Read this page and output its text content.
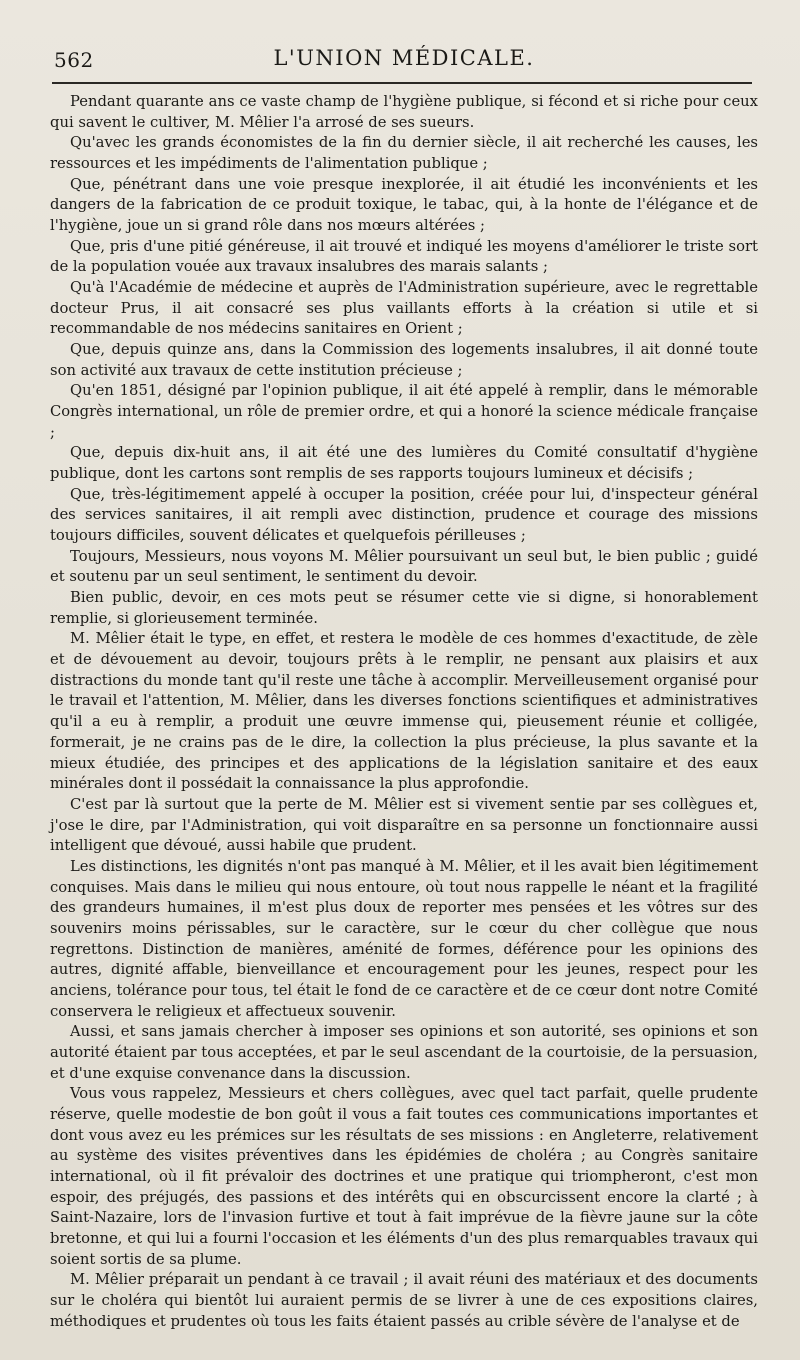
562	L'UNION MÉDICALE.

Pendant quarante ans ce vaste champ de l'hygiène publique, si fécond et si riche pour ceux qui savent le cultiver, M. Mêlier l'a arrosé de ses sueurs.

Qu'avec les grands économistes de la fin du dernier siècle, il ait recherché les causes, les ressources et les impédiments de l'alimentation publique ;

Que, pénétrant dans une voie presque inexplorée, il ait étudié les inconvénients et les dangers de la fabrication de ce produit toxique, le tabac, qui, à la honte de l'élégance et de l'hygiène, joue un si grand rôle dans nos mœurs altérées ;

Que, pris d'une pitié généreuse, il ait trouvé et indiqué les moyens d'améliorer le triste sort de la population vouée aux travaux insalubres des marais salants ;

Qu'à l'Académie de médecine et auprès de l'Administration supérieure, avec le regrettable docteur Prus, il ait consacré ses plus vaillants efforts à la création si utile et si recommandable de nos médecins sanitaires en Orient ;

Que, depuis quinze ans, dans la Commission des logements insalubres, il ait donné toute son activité aux travaux de cette institution précieuse ;

Qu'en 1851, désigné par l'opinion publique, il ait été appelé à remplir, dans le mémorable Congrès international, un rôle de premier ordre, et qui a honoré la science médicale française ;

Que, depuis dix-huit ans, il ait été une des lumières du Comité consultatif d'hygiène publique, dont les cartons sont remplis de ses rapports toujours lumineux et décisifs ;

Que, très-légitimement appelé à occuper la position, créée pour lui, d'inspecteur général des services sanitaires, il ait rempli avec distinction, prudence et courage des missions toujours difficiles, souvent délicates et quelquefois périlleuses ;

Toujours, Messieurs, nous voyons M. Mêlier poursuivant un seul but, le bien public ; guidé et soutenu par un seul sentiment, le sentiment du devoir.

Bien public, devoir, en ces mots peut se résumer cette vie si digne, si honorablement remplie, si glorieusement terminée.

M. Mêlier était le type, en effet, et restera le modèle de ces hommes d'exactitude, de zèle et de dévouement au devoir, toujours prêts à le remplir, ne pensant aux plaisirs et aux distractions du monde tant qu'il reste une tâche à accomplir. Merveilleusement organisé pour le travail et l'attention, M. Mêlier, dans les diverses fonctions scientifiques et administratives qu'il a eu à remplir, a produit une œuvre immense qui, pieusement réunie et colligée, formerait, je ne crains pas de le dire, la collection la plus précieuse, la plus savante et la mieux étudiée, des principes et des applications de la législation sanitaire et des eaux minérales dont il possédait la connaissance la plus approfondie.

C'est par là surtout que la perte de M. Mêlier est si vivement sentie par ses collègues et, j'ose le dire, par l'Administration, qui voit disparaître en sa personne un fonctionnaire aussi intelligent que dévoué, aussi habile que prudent.

Les distinctions, les dignités n'ont pas manqué à M. Mêlier, et il les avait bien légitimement conquises. Mais dans le milieu qui nous entoure, où tout nous rappelle le néant et la fragilité des grandeurs humaines, il m'est plus doux de reporter mes pensées et les vôtres sur des souvenirs moins périssables, sur le caractère, sur le cœur du cher collègue que nous regrettons. Distinction de manières, aménité de formes, déférence pour les opinions des autres, dignité affable, bienveillance et encouragement pour les jeunes, respect pour les anciens, tolérance pour tous, tel était le fond de ce caractère et de ce cœur dont notre Comité conservera le religieux et affectueux souvenir.

Aussi, et sans jamais chercher à imposer ses opinions et son autorité, ses opinions et son autorité étaient par tous acceptées, et par le seul ascendant de la courtoisie, de la persuasion, et d'une exquise convenance dans la discussion.

Vous vous rappelez, Messieurs et chers collègues, avec quel tact parfait, quelle prudente réserve, quelle modestie de bon goût il vous a fait toutes ces communications importantes et dont vous avez eu les prémices sur les résultats de ses missions : en Angleterre, relativement au système des visites préventives dans les épidémies de choléra ; au Congrès sanitaire international, où il fit prévaloir des doctrines et une pratique qui triompheront, c'est mon espoir, des préjugés, des passions et des intérêts qui en obscurcissent encore la clarté ; à Saint-Nazaire, lors de l'invasion furtive et tout à fait imprévue de la fièvre jaune sur la côte bretonne, et qui lui a fourni l'occasion et les éléments d'un des plus remarquables travaux qui soient sortis de sa plume.

M. Mêlier préparait un pendant à ce travail ; il avait réuni des matériaux et des documents sur le choléra qui bientôt lui auraient permis de se livrer à une de ces expositions claires, méthodiques et prudentes où tous les faits étaient passés au crible sévère de l'analyse et de
